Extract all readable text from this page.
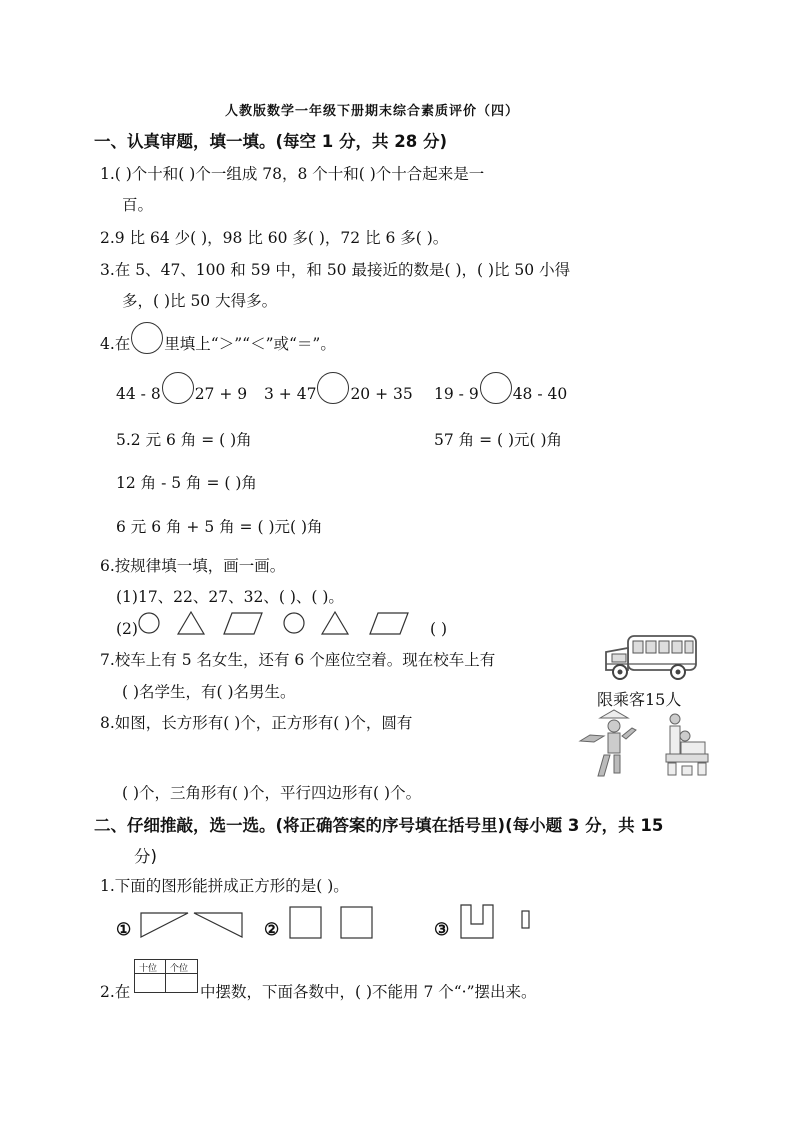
人教版数学一年级下册期末综合素质评价（四）
一、认真审题，填一填。(每空 1 分，共 28 分)
1.( )个十和( )个一组成 78，8 个十和( )个十合起来是一
百。
2.9 比 64 少( )，98 比 60 多( )，72 比 6 多( )。
3.在 5、47、100 和 59 中，和 50 最接近的数是( )，( )比 50 小得
多，( )比 50 大得多。
4.在 里填上“＞”“＜”或“＝”。
44 - 8 27 + 9 3 + 47 20 + 35 19 - 9 48 - 40
5.2 元 6 角 = ( )角	57 角 = ( )元( )角
12 角 - 5 角 = ( )角
6 元 6 角 + 5 角 = ( )元( )角
6.按规律填一填，画一画。
(1)17、22、27、32、( )、( )。
(2)	( )
7.校车上有 5 名女生，还有 6 个座位空着。现在校车上有
( )名学生，有( )名男生。	限乘客15人
8.如图，长方形有( )个，正方形有( )个，圆有
( )个，三角形有( )个，平行四边形有( )个。
二、仔细推敲，选一选。(将正确答案的序号填在括号里)(每小题 3 分，共 15
分)
1.下面的图形能拼成正方形的是( )。
①	②	③
2.在
十位 个位
中摆数，下面各数中，( )不能用 7 个“·”摆出来。
